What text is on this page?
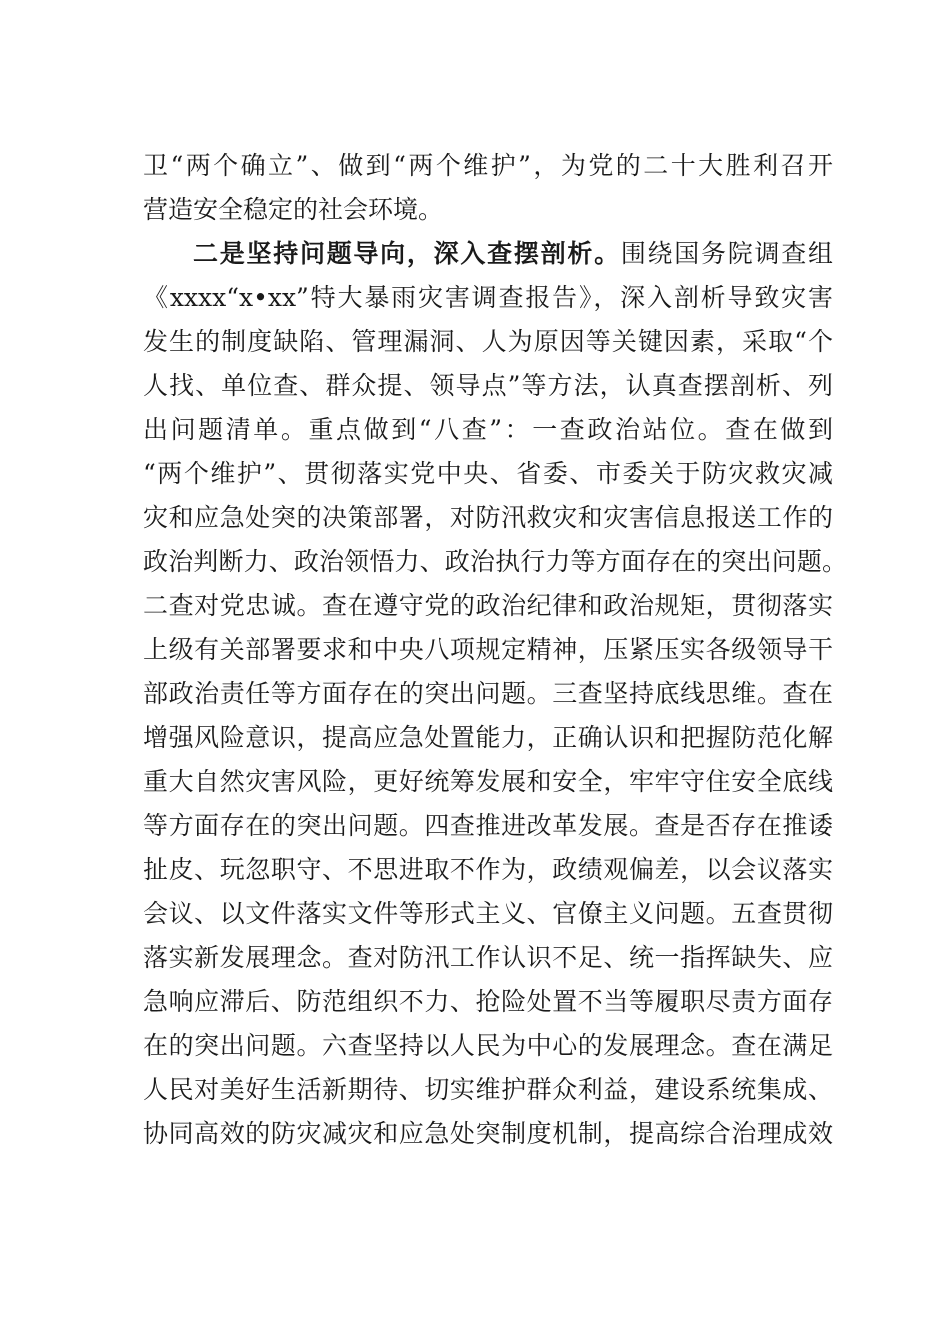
卫“两个确立”、做到“两个维护”，为党的二十大胜利召开
营造安全稳定的社会环境。
二是坚持问题导向，深入查摆剖析。围绕国务院调查组
《xxxx“x•xx”特大暴雨灾害调查报告》，深入剖析导致灾害
发生的制度缺陷、管理漏洞、人为原因等关键因素，采取“个
人找、单位查、群众提、领导点”等方法，认真查摆剖析、列
出问题清单。重点做到“八查”：一查政治站位。查在做到
“两个维护”、贯彻落实党中央、省委、市委关于防灾救灾减
灾和应急处突的决策部署，对防汛救灾和灾害信息报送工作的
政治判断力、政治领悟力、政治执行力等方面存在的突出问题。
二查对党忠诚。查在遵守党的政治纪律和政治规矩，贯彻落实
上级有关部署要求和中央八项规定精神，压紧压实各级领导干
部政治责任等方面存在的突出问题。三查坚持底线思维。查在
增强风险意识，提高应急处置能力，正确认识和把握防范化解
重大自然灾害风险，更好统筹发展和安全，牢牢守住安全底线
等方面存在的突出问题。四查推进改革发展。查是否存在推诿
扯皮、玩忽职守、不思进取不作为，政绩观偏差，以会议落实
会议、以文件落实文件等形式主义、官僚主义问题。五查贯彻
落实新发展理念。查对防汛工作认识不足、统一指挥缺失、应
急响应滞后、防范组织不力、抢险处置不当等履职尽责方面存
在的突出问题。六查坚持以人民为中心的发展理念。查在满足
人民对美好生活新期待、切实维护群众利益，建设系统集成、
协同高效的防灾减灾和应急处突制度机制，提高综合治理成效
